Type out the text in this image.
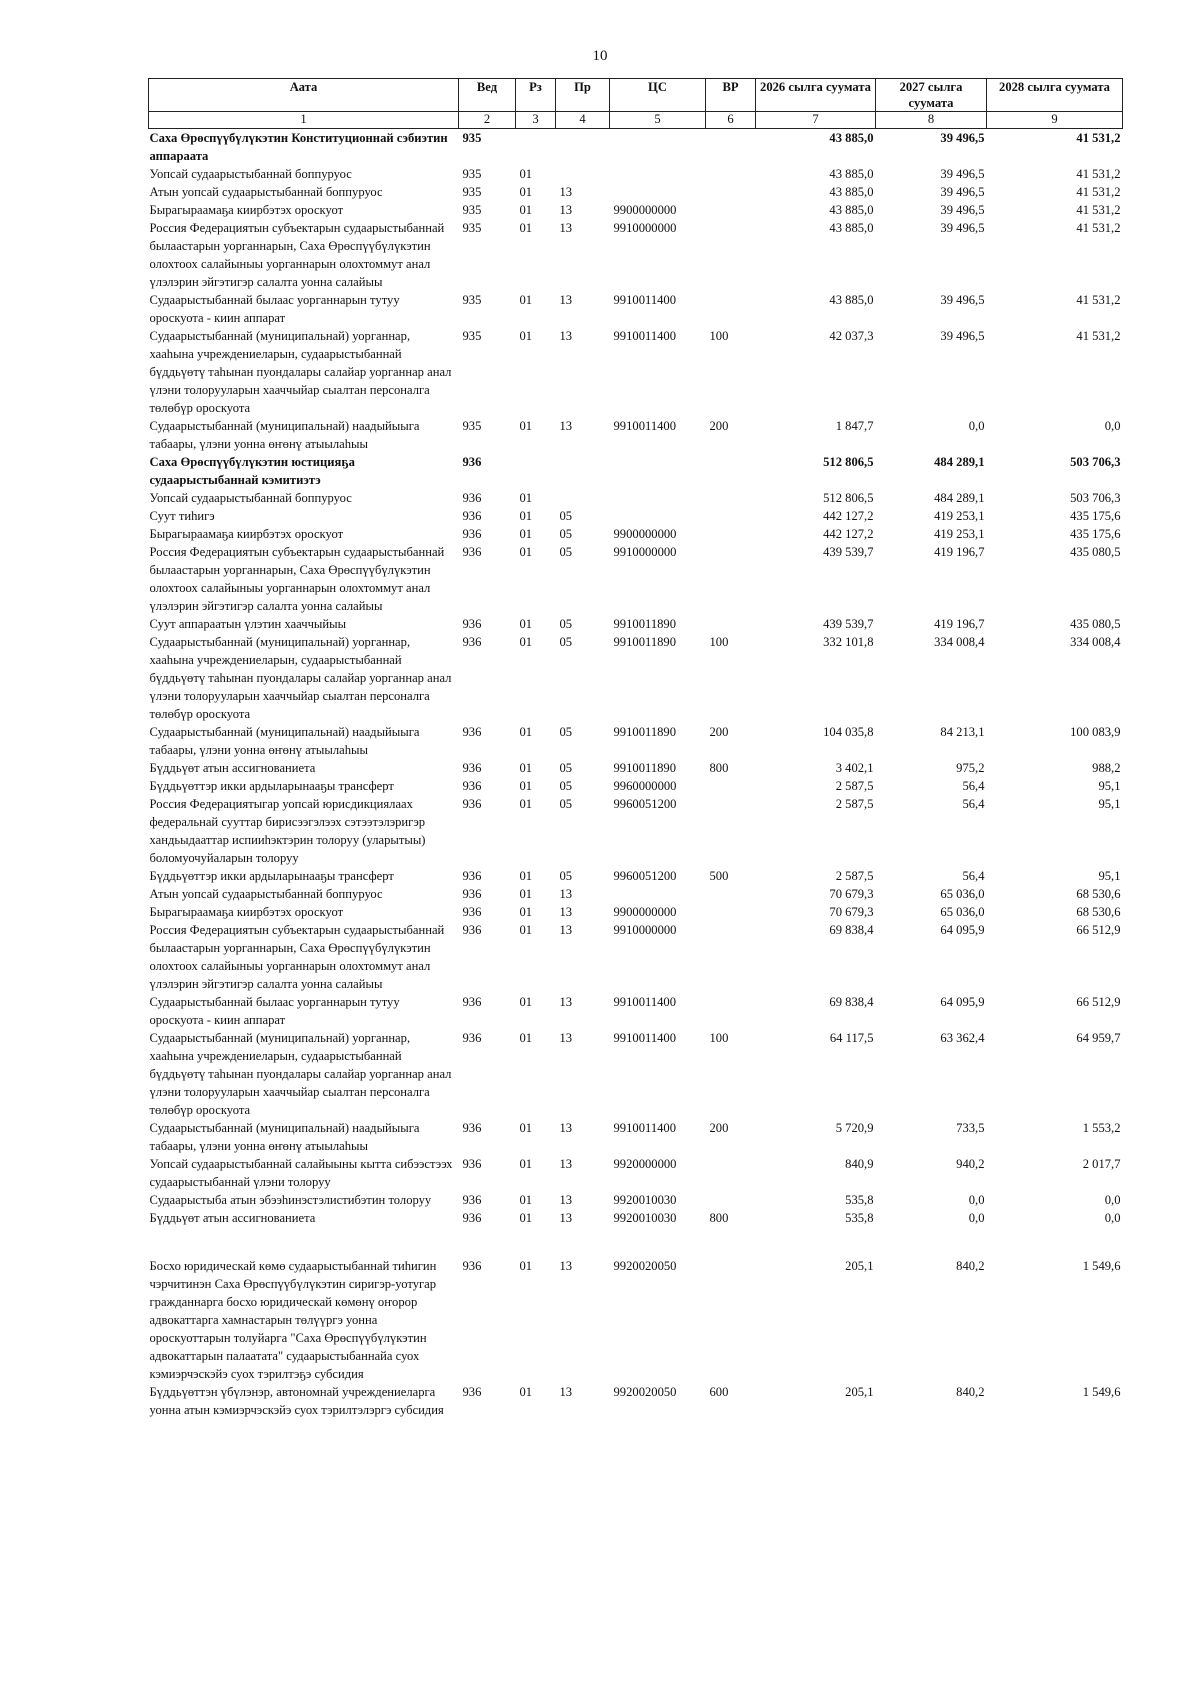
10
Аата	Вед	Рз	Пр	ЦС	ВР	2026 сылга суумата	2027 сылга суумата	2028 сылга суумата
1	2	3	4	5	6	7	8	9
Саха Өрөспүүбүлүкэтин Конституционнай сэбиэтин аппараата	935					43 885,0	39 496,5	41 531,2
Уопсай судаарыстыбаннай боппуруос	935	01				43 885,0	39 496,5	41 531,2
Атын уопсай судаарыстыбаннай боппуруос	935	01	13			43 885,0	39 496,5	41 531,2
Бырагыраамаҕа киирбэтэх ороскуот	935	01	13	9900000000		43 885,0	39 496,5	41 531,2
Россия Федерациятын субъектарын судаарыстыбаннай былаастарын уорганнарын, Саха Өрөспүүбүлүкэтин олохтоох салайыныы уорганнарын олохтоммут анал үлэлэрин эйгэтигэр салалта уонна салайыы	935	01	13	9910000000		43 885,0	39 496,5	41 531,2
Судаарыстыбаннай былаас уорганнарын тутуу ороскуота - киин аппарат	935	01	13	9910011400		43 885,0	39 496,5	41 531,2
Судаарыстыбаннай (муниципальнай) уорганнар, хааһына учреждениеларын, судаарыстыбаннай бүддьүөтү таһынан пуондалары салайар уорганнар анал үлэни толорууларын хааччыйар сыалтан персоналга төлөбүр ороскуота	935	01	13	9910011400	100	42 037,3	39 496,5	41 531,2
Судаарыстыбаннай (муниципальнай) наадыйыыга табаары, үлэни уонна өҥөнү атыылаһыы	935	01	13	9910011400	200	1 847,7	0,0	0,0
Саха Өрөспүүбүлүкэтин юстицияҕа судаарыстыбаннай кэмитиэтэ	936					512 806,5	484 289,1	503 706,3
Уопсай судаарыстыбаннай боппуруос	936	01				512 806,5	484 289,1	503 706,3
Суут тиһигэ	936	01	05			442 127,2	419 253,1	435 175,6
Бырагыраамаҕа киирбэтэх ороскуот	936	01	05	9900000000		442 127,2	419 253,1	435 175,6
Россия Федерациятын субъектарын судаарыстыбаннай былаастарын уорганнарын, Саха Өрөспүүбүлүкэтин олохтоох салайыныы уорганнарын олохтоммут анал үлэлэрин эйгэтигэр салалта уонна салайыы	936	01	05	9910000000		439 539,7	419 196,7	435 080,5
Суут аппараатын үлэтин хааччыйыы	936	01	05	9910011890		439 539,7	419 196,7	435 080,5
Судаарыстыбаннай (муниципальнай) уорганнар, хааһына учреждениеларын, судаарыстыбаннай бүддьүөтү таһынан пуондалары салайар уорганнар анал үлэни толорууларын хааччыйар сыалтан персоналга төлөбүр ороскуота	936	01	05	9910011890	100	332 101,8	334 008,4	334 008,4
Судаарыстыбаннай (муниципальнай) наадыйыыга табаары, үлэни уонна өҥөнү атыылаһыы	936	01	05	9910011890	200	104 035,8	84 213,1	100 083,9
Бүддьүөт атын ассигнованиета	936	01	05	9910011890	800	3 402,1	975,2	988,2
Бүддьүөттэр икки ардыларынааҕы трансферт	936	01	05	9960000000		2 587,5	56,4	95,1
Россия Федерациятыгар уопсай юрисдикциялаах федеральнай сууттар бирисээгэлээх сэтээтэлэригэр хандьыдааттар испииһэктэрин толоруу (уларытыы) боломуочуйаларын толоруу	936	01	05	9960051200		2 587,5	56,4	95,1
Бүддьүөттэр икки ардыларынааҕы трансферт	936	01	05	9960051200	500	2 587,5	56,4	95,1
Атын уопсай судаарыстыбаннай боппуруос	936	01	13			70 679,3	65 036,0	68 530,6
Бырагыраамаҕа киирбэтэх ороскуот	936	01	13	9900000000		70 679,3	65 036,0	68 530,6
Россия Федерациятын субъектарын судаарыстыбаннай былаастарын уорганнарын, Саха Өрөспүүбүлүкэтин олохтоох салайыныы уорганнарын олохтоммут анал үлэлэрин эйгэтигэр салалта уонна салайыы	936	01	13	9910000000		69 838,4	64 095,9	66 512,9
Судаарыстыбаннай былаас уорганнарын тутуу ороскуота - киин аппарат	936	01	13	9910011400		69 838,4	64 095,9	66 512,9
Судаарыстыбаннай (муниципальнай) уорганнар, хааһына учреждениеларын, судаарыстыбаннай бүддьүөтү таһынан пуондалары салайар уорганнар анал үлэни толорууларын хааччыйар сыалтан персоналга төлөбүр ороскуота	936	01	13	9910011400	100	64 117,5	63 362,4	64 959,7
Судаарыстыбаннай (муниципальнай) наадыйыыга табаары, үлэни уонна өҥөнү атыылаһыы	936	01	13	9910011400	200	5 720,9	733,5	1 553,2
Уопсай судаарыстыбаннай салайыыны кытта сибээстээх судаарыстыбаннай үлэни толоруу	936	01	13	9920000000		840,9	940,2	2 017,7
Судаарыстыба атын эбээһинэстэлистибэтин толоруу	936	01	13	9920010030		535,8	0,0	0,0
Бүддьүөт атын ассигнованиета	936	01	13	9920010030	800	535,8	0,0	0,0
Босхо юридическай көмө судаарыстыбаннай тиһигин чэрчитинэн Саха Өрөспүүбүлүкэтин сиригэр-уотугар гражданнарга босхо юридическай көмөнү оҥорор адвокаттарга хамнастарын төлүүргэ уонна ороскуоттарын толуйарга "Саха Өрөспүүбүлүкэтин адвокаттарын палаатата" судаарыстыбаннайа суох кэмиэрчэскэйэ суох тэрилтэҕэ субсидия	936	01	13	9920020050		205,1	840,2	1 549,6
Бүддьүөттэн үбүлэнэр, автономнай учреждениеларга уонна атын кэмиэрчэскэйэ суох тэрилтэлэргэ субсидия	936	01	13	9920020050	600	205,1	840,2	1 549,6
